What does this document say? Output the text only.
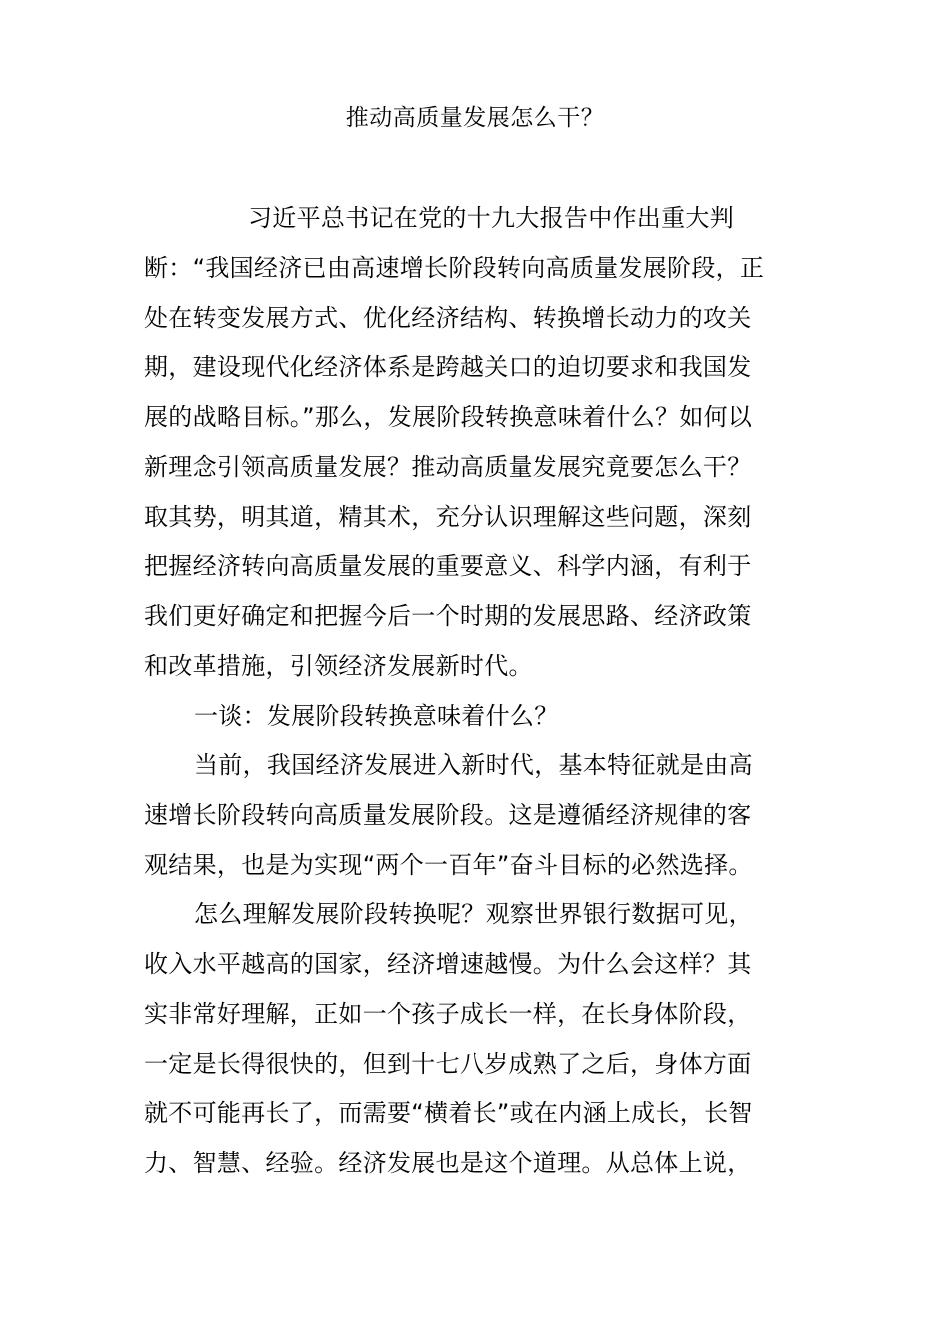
推动高质量发展怎么干？
习近平总书记在党的十九大报告中作出重大判
断：“我国经济已由高速增长阶段转向高质量发展阶段，正
处在转变发展方式、优化经济结构、转换增长动力的攻关
期，建设现代化经济体系是跨越关口的迫切要求和我国发
展的战略目标。”那么，发展阶段转换意味着什么？如何以
新理念引领高质量发展？推动高质量发展究竟要怎么干？
取其势，明其道，精其术，充分认识理解这些问题，深刻
把握经济转向高质量发展的重要意义、科学内涵，有利于
我们更好确定和把握今后一个时期的发展思路、经济政策
和改革措施，引领经济发展新时代。
一谈：发展阶段转换意味着什么？
当前，我国经济发展进入新时代，基本特征就是由高
速增长阶段转向高质量发展阶段。这是遵循经济规律的客
观结果，也是为实现“两个一百年”奋斗目标的必然选择。
怎么理解发展阶段转换呢？观察世界银行数据可见，
收入水平越高的国家，经济增速越慢。为什么会这样？其
实非常好理解，正如一个孩子成长一样，在长身体阶段，
一定是长得很快的，但到十七八岁成熟了之后，身体方面
就不可能再长了，而需要“横着长”或在内涵上成长，长智
力、智慧、经验。经济发展也是这个道理。从总体上说，
